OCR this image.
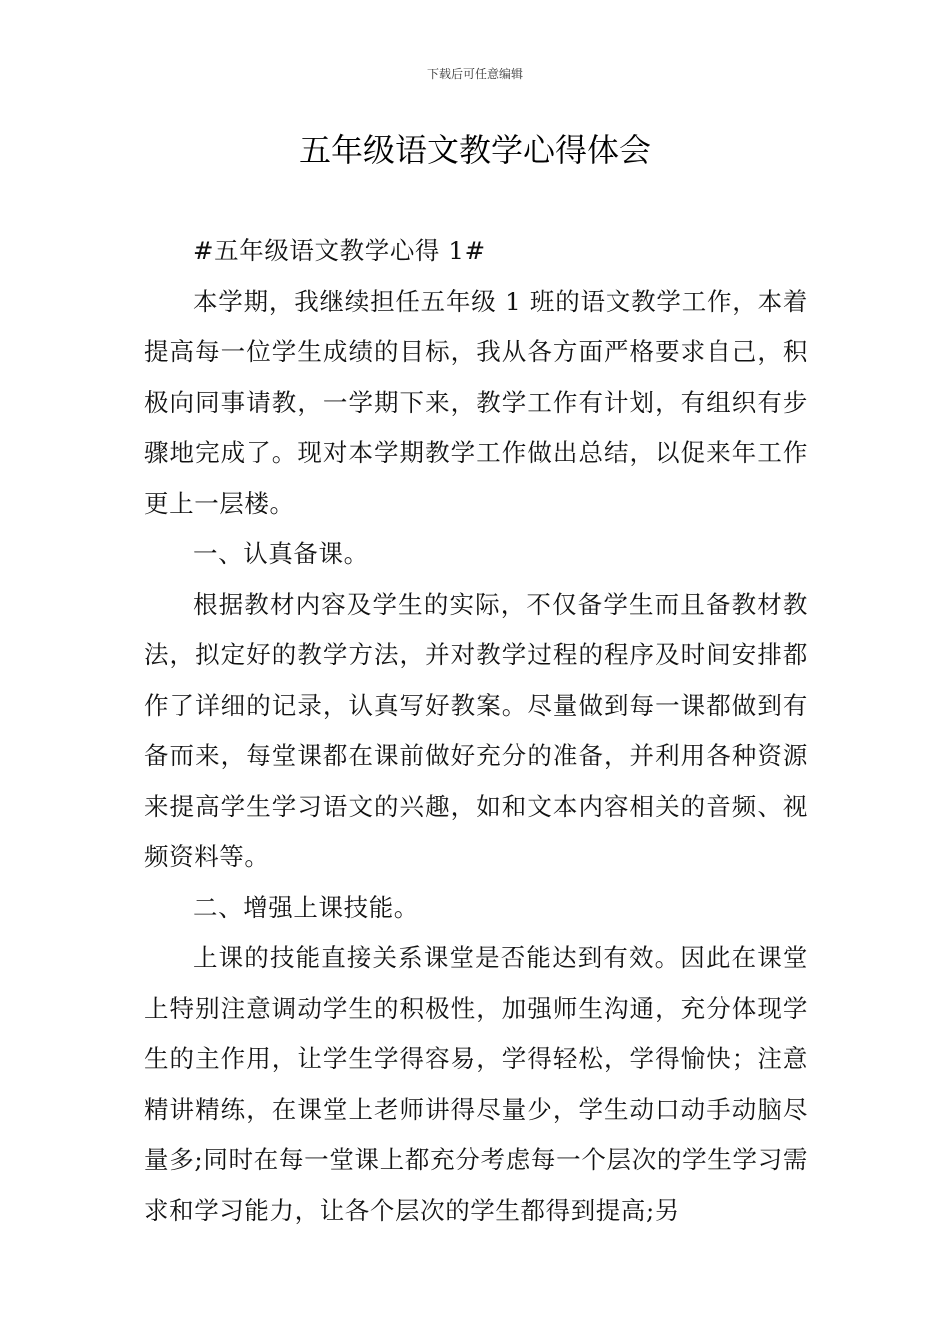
下载后可任意编辑
五年级语文教学心得体会

#五年级语文教学心得 1#

本学期，我继续担任五年级 1 班的语文教学工作，本着提高每一位学生成绩的目标，我从各方面严格要求自己，积极向同事请教，一学期下来，教学工作有计划，有组织有步骤地完成了。现对本学期教学工作做出总结，以促来年工作更上一层楼。

一、认真备课。

根据教材内容及学生的实际，不仅备学生而且备教材教法，拟定好的教学方法，并对教学过程的程序及时间安排都作了详细的记录，认真写好教案。尽量做到每一课都做到有备而来，每堂课都在课前做好充分的准备，并利用各种资源来提高学生学习语文的兴趣，如和文本内容相关的音频、视频资料等。

二、增强上课技能。

上课的技能直接关系课堂是否能达到有效。因此在课堂上特别注意调动学生的积极性，加强师生沟通，充分体现学生的主作用，让学生学得容易，学得轻松，学得愉快；注意精讲精练，在课堂上老师讲得尽量少，学生动口动手动脑尽量多;同时在每一堂课上都充分考虑每一个层次的学生学习需求和学习能力，让各个层次的学生都得到提高;另
